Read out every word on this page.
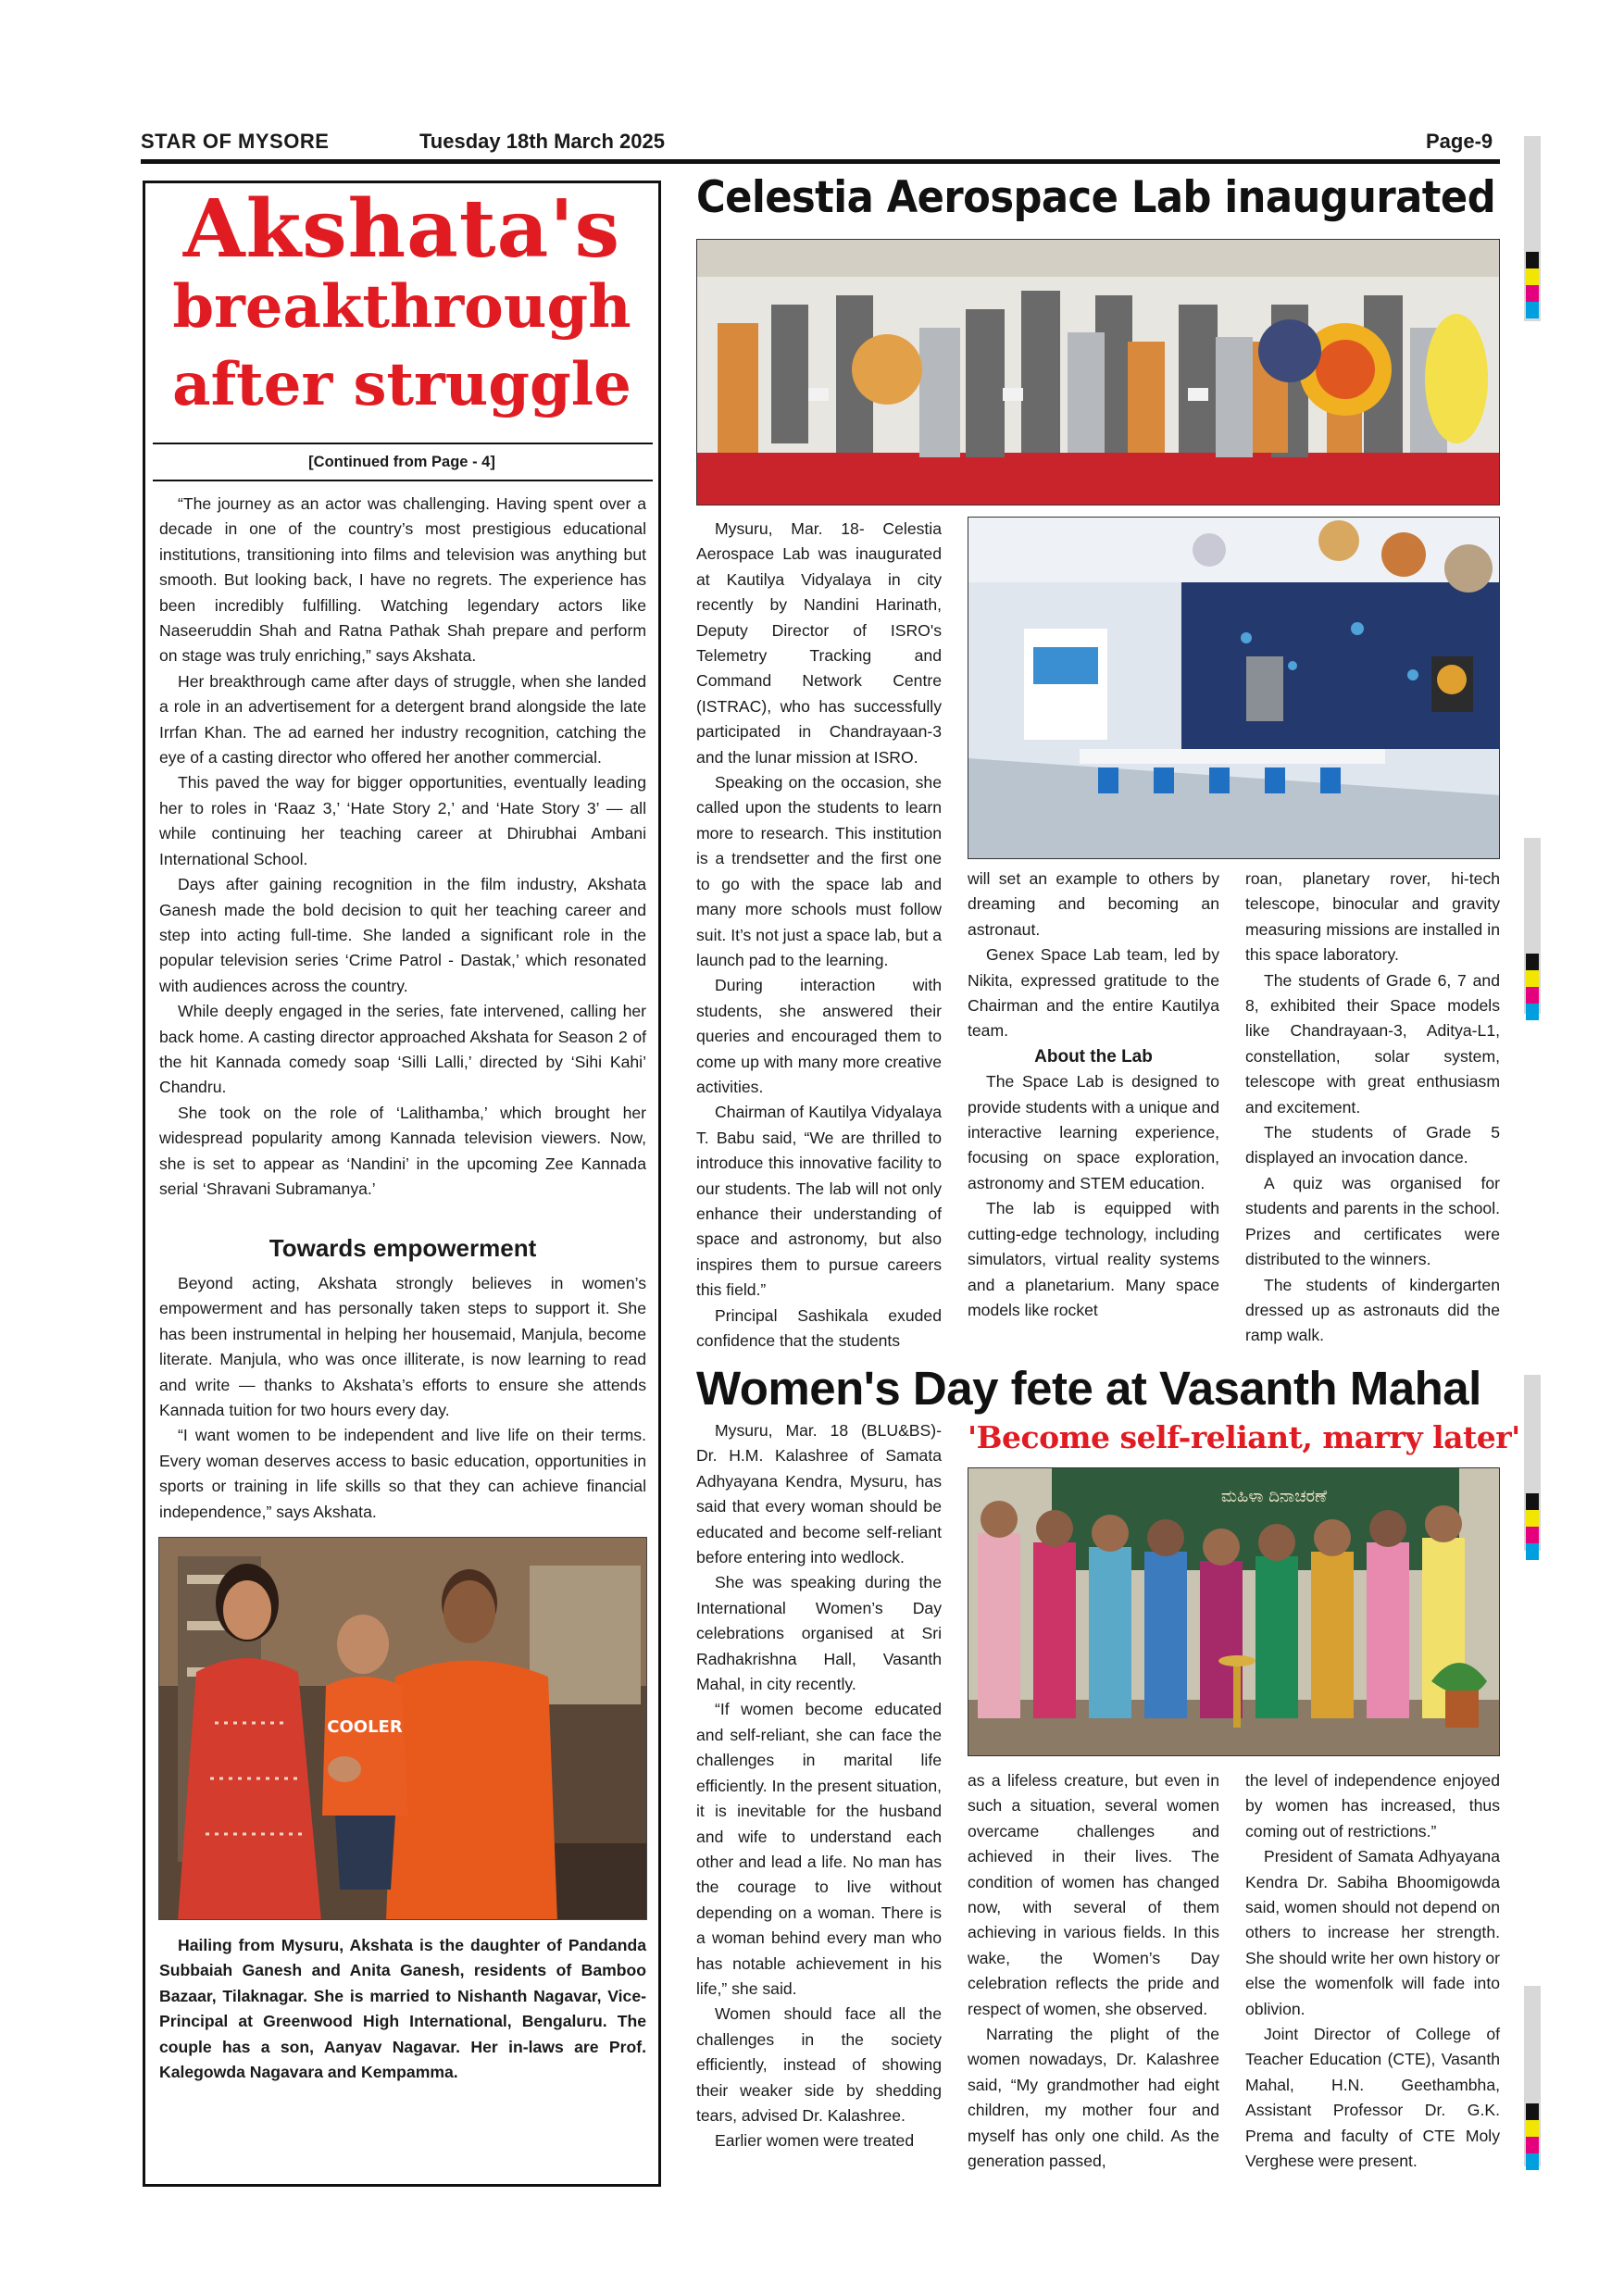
STAR OF MYSORE	Tuesday 18th March 2025	Page-9
Akshata's
breakthrough
after struggle
[Continued from Page - 4]

“The journey as an actor was challenging. Having spent over a decade in one of the country’s most prestigious educational institutions, transitioning into films and television was anything but smooth. But looking back, I have no regrets. The experience has been incredibly fulfilling. Watching legendary actors like Naseeruddin Shah and Ratna Pathak Shah prepare and perform on stage was truly enriching,” says Akshata.

Her breakthrough came after days of struggle, when she landed a role in an advertisement for a detergent brand alongside the late Irrfan Khan. The ad earned her industry recognition, catching the eye of a casting director who offered her another commercial.

This paved the way for bigger opportunities, eventually leading her to roles in ‘Raaz 3,’ ‘Hate Story 2,’ and ‘Hate Story 3’ — all while continuing her teaching career at Dhirubhai Ambani International School.

Days after gaining recognition in the film industry, Akshata Ganesh made the bold decision to quit her teaching career and step into acting full-time. She landed a significant role in the popular television series ‘Crime Patrol - Dastak,’ which resonated with audiences across the country.

While deeply engaged in the series, fate intervened, calling her back home. A casting director approached Akshata for Season 2 of the hit Kannada comedy soap ‘Silli Lalli,’ directed by ‘Sihi Kahi’ Chandru.

She took on the role of ‘Lalithamba,’ which brought her widespread popularity among Kannada television viewers. Now, she is set to appear as ‘Nandini’ in the upcoming Zee Kannada serial ‘Shravani Subramanya.’

Towards empowerment

Beyond acting, Akshata strongly believes in women’s empowerment and has personally taken steps to support it. She has been instrumental in helping her housemaid, Manjula, become literate. Manjula, who was once illiterate, is now learning to read and write — thanks to Akshata’s efforts to ensure she attends Kannada tuition for two hours every day.

“I want women to be independent and live life on their terms. Every woman deserves access to basic education, opportunities in sports or training in life skills so that they can achieve financial independence,” says Akshata.

COOLER
Hailing from Mysuru, Akshata is the daughter of Pandanda Subbaiah Ganesh and Anita Ganesh, residents of Bamboo Bazaar, Tilaknagar. She is married to Nishanth Nagavar, Vice-Principal at Greenwood High International, Bengaluru. The couple has a son, Aanyav Nagavar. Her in-laws are Prof. Kalegowda Nagavara and Kempamma.
Celestia Aerospace Lab inaugurated

Mysuru, Mar. 18- Celestia Aerospace Lab was inaugurated at Kautilya Vidyalaya in city recently by Nandini Harinath, Deputy Director of ISRO's Telemetry Tracking and Command Network Centre (ISTRAC), who has successfully participated in Chandrayaan-3 and the lunar mission at ISRO.

Speaking on the occasion, she called upon the students to learn more to research. This institution is a trendsetter and the first one to go with the space lab and many more schools must follow suit. It’s not just a space lab, but a launch pad to the learning.

During interaction with students, she answered their queries and encouraged them to come up with many more creative activities.

Chairman of Kautilya Vidyalaya T. Babu said, “We are thrilled to introduce this innovative facility to our students. The lab will not only enhance their understanding of space and astronomy, but also inspires them to pursue careers this field.”

Principal Sashikala exuded confidence that the students

will set an example to others by dreaming and becoming an astronaut.

Genex Space Lab team, led by Nikita, expressed gratitude to the Chairman and the entire Kautilya team.

About the Lab

The Space Lab is designed to provide students with a unique and interactive learning experience, focusing on space exploration, astronomy and STEM education.

The lab is equipped with cutting-edge technology, including simulators, virtual reality systems and a planetarium. Many space models like rocket

roan, planetary rover, hi-tech telescope, binocular and gravity measuring missions are installed in this space laboratory.

The students of Grade 6, 7 and 8, exhibited their Space models like Chandrayaan-3, Aditya-L1, constellation, solar system, telescope with great enthusiasm and excitement.

The students of Grade 5 displayed an invocation dance.

A quiz was organised for students and parents in the school. Prizes and certificates were distributed to the winners.

The students of kindergarten dressed up as astronauts did the ramp walk.

Women's Day fete at Vasanth Mahal

Mysuru, Mar. 18 (BLU&BS)- Dr. H.M. Kalashree of Samata Adhyayana Kendra, Mysuru, has said that every woman should be educated and become self-reliant before entering into wedlock.

She was speaking during the International Women’s Day celebrations organised at Sri Radhakrishna Hall, Vasanth Mahal, in city recently.

“If women become educated and self-reliant, she can face the challenges in marital life efficiently. In the present situation, it is inevitable for the husband and wife to understand each other and lead a life. No man has the courage to live without depending on a woman. There is a woman behind every man who has notable achievement in his life,” she said.

Women should face all the challenges in the society efficiently, instead of showing their weaker side by shedding tears, advised Dr. Kalashree.

Earlier women were treated

'Become self-reliant, marry later'
ಮಹಿಳಾ ದಿನಾಚರಣೆ

as a lifeless creature, but even in such a situation, several women overcame challenges and achieved in their lives. The condition of women has changed now, with several of them achieving in various fields. In this wake, the Women’s Day celebration reflects the pride and respect of women, she observed.

Narrating the plight of the women nowadays, Dr. Kalashree said, “My grandmother had eight children, my mother four and myself has only one child. As the generation passed,

the level of independence enjoyed by women has increased, thus coming out of restrictions.”

President of Samata Adhyayana Kendra Dr. Sabiha Bhoomigowda said, women should not depend on others to increase her strength. She should write her own history or else the womenfolk will fade into oblivion.

Joint Director of College of Teacher Education (CTE), Vasanth Mahal, H.N. Geethambha, Assistant Professor Dr. G.K. Prema and faculty of CTE Moly Verghese were present.
